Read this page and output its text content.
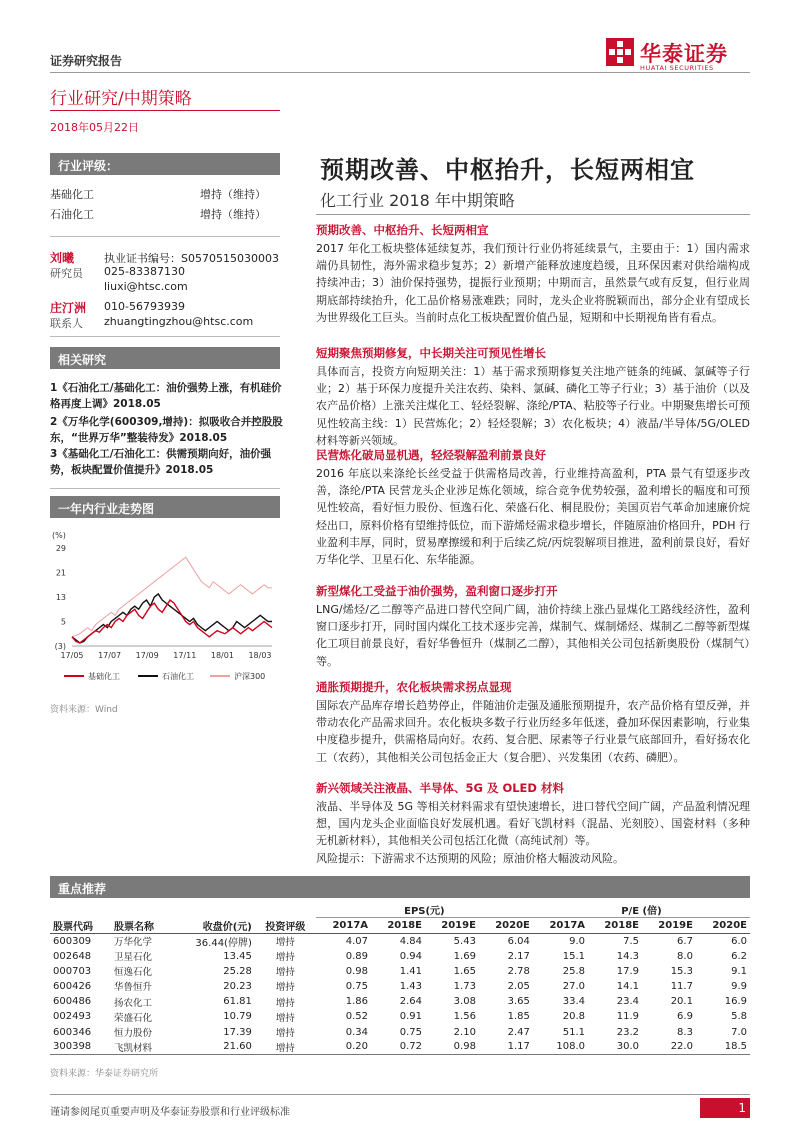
证券研究报告	华泰证券
HUATAI SECURITIES
行业研究/中期策略
2018年05月22日
行业评级：
基础化工	增持（维持）
石油化工	增持（维持）
刘曦	执业证书编号：S0570515030003
研究员 025-83387130
liuxi@htsc.com
庄汀洲 010-56793939
联系人 zhuangtingzhou@htsc.com
相关研究
1《石油化工/基础化工：油价强势上涨，有机硅价格再度上调》2018.05
2《万华化学(600309,增持)：拟吸收合并控股股东，“世界万华”整装待发》2018.05
3《基础化工/石油化工：供需预期向好，油价强势，板块配置价值提升》2018.05
一年内行业走势图
(%)
29
21
13
5
(3)
17/05 17/07 17/09 17/11 18/01 18/03
基础化工	石油化工	沪深300
资料来源：Wind
预期改善、中枢抬升，长短两相宜
化工行业 2018 年中期策略
预期改善、中枢抬升、长短两相宜

2017 年化工板块整体延续复苏，我们预计行业仍将延续景气，主要由于：1）国内需求端仍具韧性，海外需求稳步复苏；2）新增产能释放速度趋缓，且环保因素对供给端构成持续冲击；3）油价保持强势，提振行业预期；中期而言，虽然景气或有反复，但行业周期底部持续抬升，化工品价格易涨难跌；同时，龙头企业将脱颖而出，部分企业有望成长为世界级化工巨头。当前时点化工板块配置价值凸显，短期和中长期视角皆有看点。

短期聚焦预期修复，中长期关注可预见性增长

具体而言，投资方向短期关注：1）基于需求预期修复关注地产链条的纯碱、氯碱等子行业；2）基于环保力度提升关注农药、染料、氯碱、磷化工等子行业；3）基于油价（以及农产品价格）上涨关注煤化工、轻烃裂解、涤纶/PTA、粘胶等子行业。中期聚焦增长可预见性较高主线：1）民营炼化；2）轻烃裂解；3）农化板块；4）液晶/半导体/5G/OLED 材料等新兴领域。

民营炼化破局显机遇，轻烃裂解盈利前景良好

2016 年底以来涤纶长丝受益于供需格局改善，行业维持高盈利，PTA 景气有望逐步改善，涤纶/PTA 民营龙头企业涉足炼化领域，综合竞争优势较强，盈利增长的幅度和可预见性较高，看好恒力股份、恒逸石化、荣盛石化、桐昆股份；美国页岩气革命加速廉价烷烃出口，原料价格有望维持低位，而下游烯烃需求稳步增长，伴随原油价格回升，PDH 行业盈利丰厚，同时，贸易摩擦缓和利于后续乙烷/丙烷裂解项目推进，盈利前景良好，看好万华化学、卫星石化、东华能源。

新型煤化工受益于油价强势，盈利窗口逐步打开

LNG/烯烃/乙二醇等产品进口替代空间广阔，油价持续上涨凸显煤化工路线经济性，盈利窗口逐步打开，同时国内煤化工技术逐步完善，煤制气、煤制烯烃、煤制乙二醇等新型煤化工项目前景良好，看好华鲁恒升（煤制乙二醇），其他相关公司包括新奥股份（煤制气）等。

通胀预期提升，农化板块需求拐点显现

国际农产品库存增长趋势停止，伴随油价走强及通胀预期提升，农产品价格有望反弹，并带动农化产品需求回升。农化板块多数子行业历经多年低迷，叠加环保因素影响，行业集中度稳步提升，供需格局向好。农药、复合肥、尿素等子行业景气底部回升，看好扬农化工（农药），其他相关公司包括金正大（复合肥）、兴发集团（农药、磷肥）。

新兴领域关注液晶、半导体、5G 及 OLED 材料

液晶、半导体及 5G 等相关材料需求有望快速增长，进口替代空间广阔，产品盈利情况理想，国内龙头企业面临良好发展机遇。看好飞凯材料（混晶、光刻胶）、国瓷材料（多种无机新材料），其他相关公司包括江化微（高纯试剂）等。

风险提示：下游需求不达预期的风险；原油价格大幅波动风险。
重点推荐
				EPS(元)				P/E (倍)			
股票代码	股票名称	收盘价(元)	投资评级	2017A	2018E	2019E	2020E	2017A	2018E	2019E	2020E
600309	万华化学	36.44(停牌)	增持	4.07	4.84	5.43	6.04	9.0	7.5	6.7	6.0
002648	卫星石化	13.45	增持	0.89	0.94	1.69	2.17	15.1	14.3	8.0	6.2
000703	恒逸石化	25.28	增持	0.98	1.41	1.65	2.78	25.8	17.9	15.3	9.1
600426	华鲁恒升	20.23	增持	0.75	1.43	1.73	2.05	27.0	14.1	11.7	9.9
600486	扬农化工	61.81	增持	1.86	2.64	3.08	3.65	33.4	23.4	20.1	16.9
002493	荣盛石化	10.79	增持	0.52	0.91	1.56	1.85	20.8	11.9	6.9	5.8
600346	恒力股份	17.39	增持	0.34	0.75	2.10	2.47	51.1	23.2	8.3	7.0
300398	飞凯材料	21.60	增持	0.20	0.72	0.98	1.17	108.0	30.0	22.0	18.5
资料来源：华泰证券研究所
谨请参阅尾页重要声明及华泰证券股票和行业评级标准	1
